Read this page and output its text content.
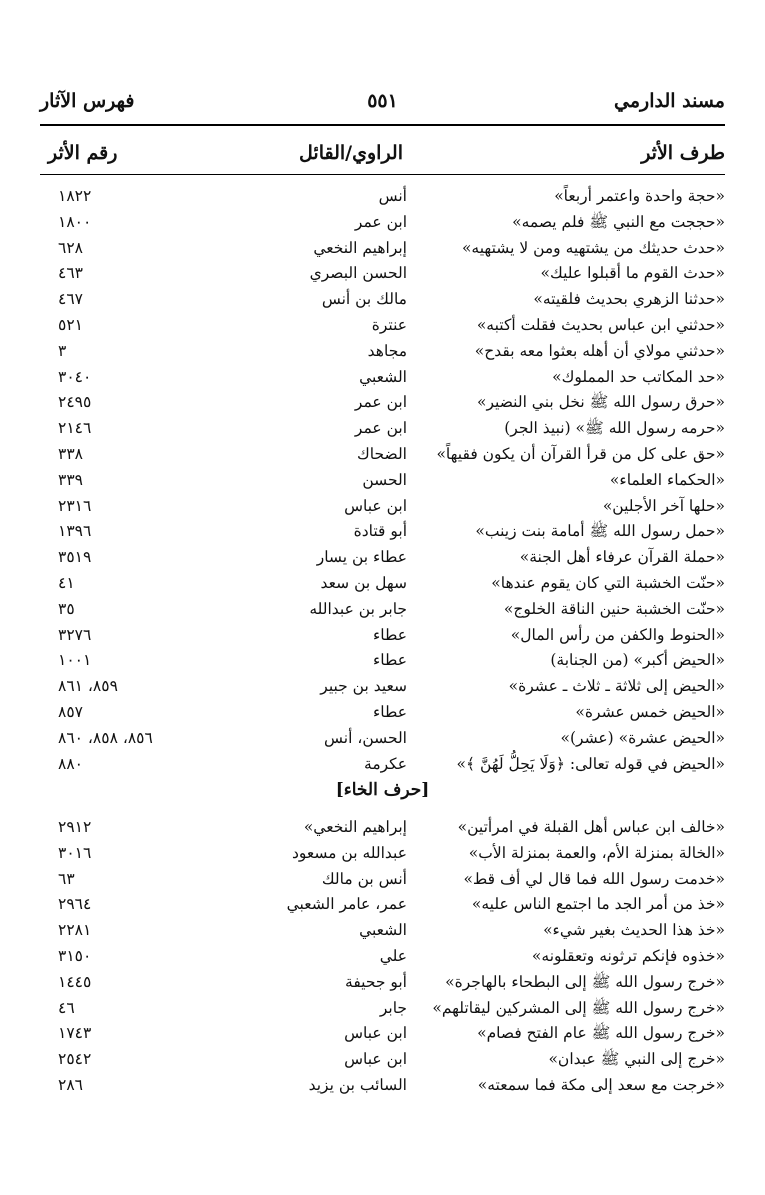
مسند الدارمي
٥٥١
فهرس الآثار
طرف الأثر
الراوي/القائل
رقم الأثر
«حجة واحدة واعتمر أربعاً»
أنس
١٨٢٢
«حججت مع النبي ﷺ فلم يصمه»
ابن عمر
١٨٠٠
«حدث حديثك من يشتهيه ومن لا يشتهيه»
إبراهيم النخعي
٦٢٨
«حدث القوم ما أقبلوا عليك»
الحسن البصري
٤٦٣
«حدثنا الزهري بحديث فلقيته»
مالك بن أنس
٤٦٧
«حدثني ابن عباس بحديث فقلت أكتبه»
عنترة
٥٢١
«حدثني مولاي أن أهله بعثوا معه بقدح»
مجاهد
٣
«حد المكاتب حد المملوك»
الشعبي
٣٠٤٠
«حرق رسول الله ﷺ نخل بني النضير»
ابن عمر
٢٤٩٥
«حرمه رسول الله ﷺ» (نبيذ الجر)
ابن عمر
٢١٤٦
«حق على كل من قرأ القرآن أن يكون فقيهاً»
الضحاك
٣٣٨
«الحكماء العلماء»
الحسن
٣٣٩
«حلها آخر الأجلين»
ابن عباس
٢٣١٦
«حمل رسول الله ﷺ أمامة بنت زينب»
أبو قتادة
١٣٩٦
«حملة القرآن عرفاء أهل الجنة»
عطاء بن يسار
٣٥١٩
«حنّت الخشبة التي كان يقوم عندها»
سهل بن سعد
٤١
«حنّت الخشبة حنين الناقة الخلوج»
جابر بن عبدالله
٣٥
«الحنوط والكفن من رأس المال»
عطاء
٣٢٧٦
«الحيض أكبر» (من الجنابة)
عطاء
١٠٠١
«الحيض إلى ثلاثة ـ ثلاث ـ عشرة»
سعيد بن جبير
٨٥٩، ٨٦١
«الحيض خمس عشرة»
عطاء
٨٥٧
«الحيض عشرة» (عشر)»
الحسن، أنس
٨٥٦، ٨٥٨، ٨٦٠
«الحيض في قوله تعالى: ﴿وَلَا يَحِلُّ لَهُنَّ ﴾»
عكرمة
٨٨٠
[حرف الخاء]
«خالف ابن عباس أهل القبلة في امرأتين»
إبراهيم النخعي»
٢٩١٢
«الخالة بمنزلة الأم، والعمة بمنزلة الأب»
عبدالله بن مسعود
٣٠١٦
«خدمت رسول الله فما قال لي أف قط»
أنس بن مالك
٦٣
«خذ من أمر الجد ما اجتمع الناس عليه»
عمر، عامر الشعبي
٢٩٦٤
«خذ هذا الحديث بغير شيء»
الشعبي
٢٢٨١
«خذوه فإنكم ترثونه وتعقلونه»
علي
٣١٥٠
«خرج رسول الله ﷺ إلى البطحاء بالهاجرة»
أبو جحيفة
١٤٤٥
«خرج رسول الله ﷺ إلى المشركين ليقاتلهم»
جابر
٤٦
«خرج رسول الله ﷺ عام الفتح فصام»
ابن عباس
١٧٤٣
«خرج إلى النبي ﷺ عبدان»
ابن عباس
٢٥٤٢
«خرجت مع سعد إلى مكة فما سمعته»
السائب بن يزيد
٢٨٦
